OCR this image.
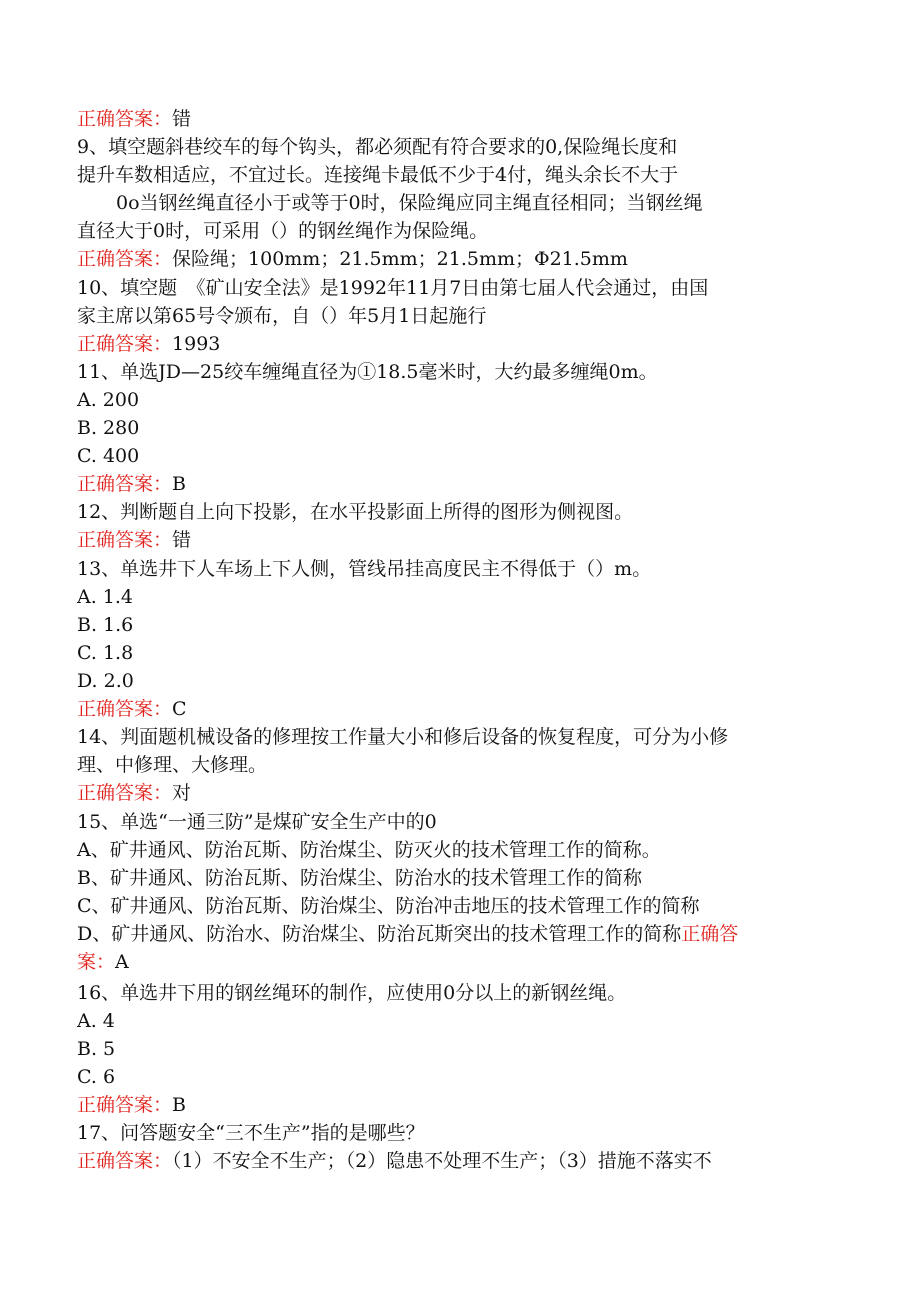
正确答案：错
9、填空题斜巷绞车的每个钩头，都必须配有符合要求的0,保险绳长度和
提升车数相适应，不宜过长。连接绳卡最低不少于4付，绳头余长不大于
0o当钢丝绳直径小于或等于0时，保险绳应同主绳直径相同；当钢丝绳
直径大于0时，可采用（）的钢丝绳作为保险绳。
正确答案：保险绳；100mm；21.5mm；21.5mm；Φ21.5mm
10、填空题　《矿山安全法》是1992年11月7日由第七届人代会通过，由国
家主席以第65号令颁布，自（）年5月1日起施行
正确答案：1993
11、单选JD—25绞车缠绳直径为①18.5毫米时，大约最多缠绳0m。
A. 200
B. 280
C. 400
正确答案：B
12、判断题自上向下投影，在水平投影面上所得的图形为侧视图。
正确答案：错
13、单选井下人车场上下人侧，管线吊挂高度民主不得低于（）m。
A. 1.4
B. 1.6
C. 1.8
D. 2.0
正确答案：C
14、判面题机械设备的修理按工作量大小和修后设备的恢复程度，可分为小修
理、中修理、大修理。
正确答案：对
15、单选“一通三防”是煤矿安全生产中的0
A、矿井通风、防治瓦斯、防治煤尘、防灭火的技术管理工作的简称。
B、矿井通风、防治瓦斯、防治煤尘、防治水的技术管理工作的简称
C、矿井通风、防治瓦斯、防治煤尘、防治冲击地压的技术管理工作的简称
D、矿井通风、防治水、防治煤尘、防治瓦斯突出的技术管理工作的简称正确答
案：A
16、单选井下用的钢丝绳环的制作，应使用0分以上的新钢丝绳。
A. 4
B. 5
C. 6
正确答案：B
17、问答题安全“三不生产”指的是哪些？
正确答案：（1）不安全不生产；（2）隐患不处理不生产；（3）措施不落实不
